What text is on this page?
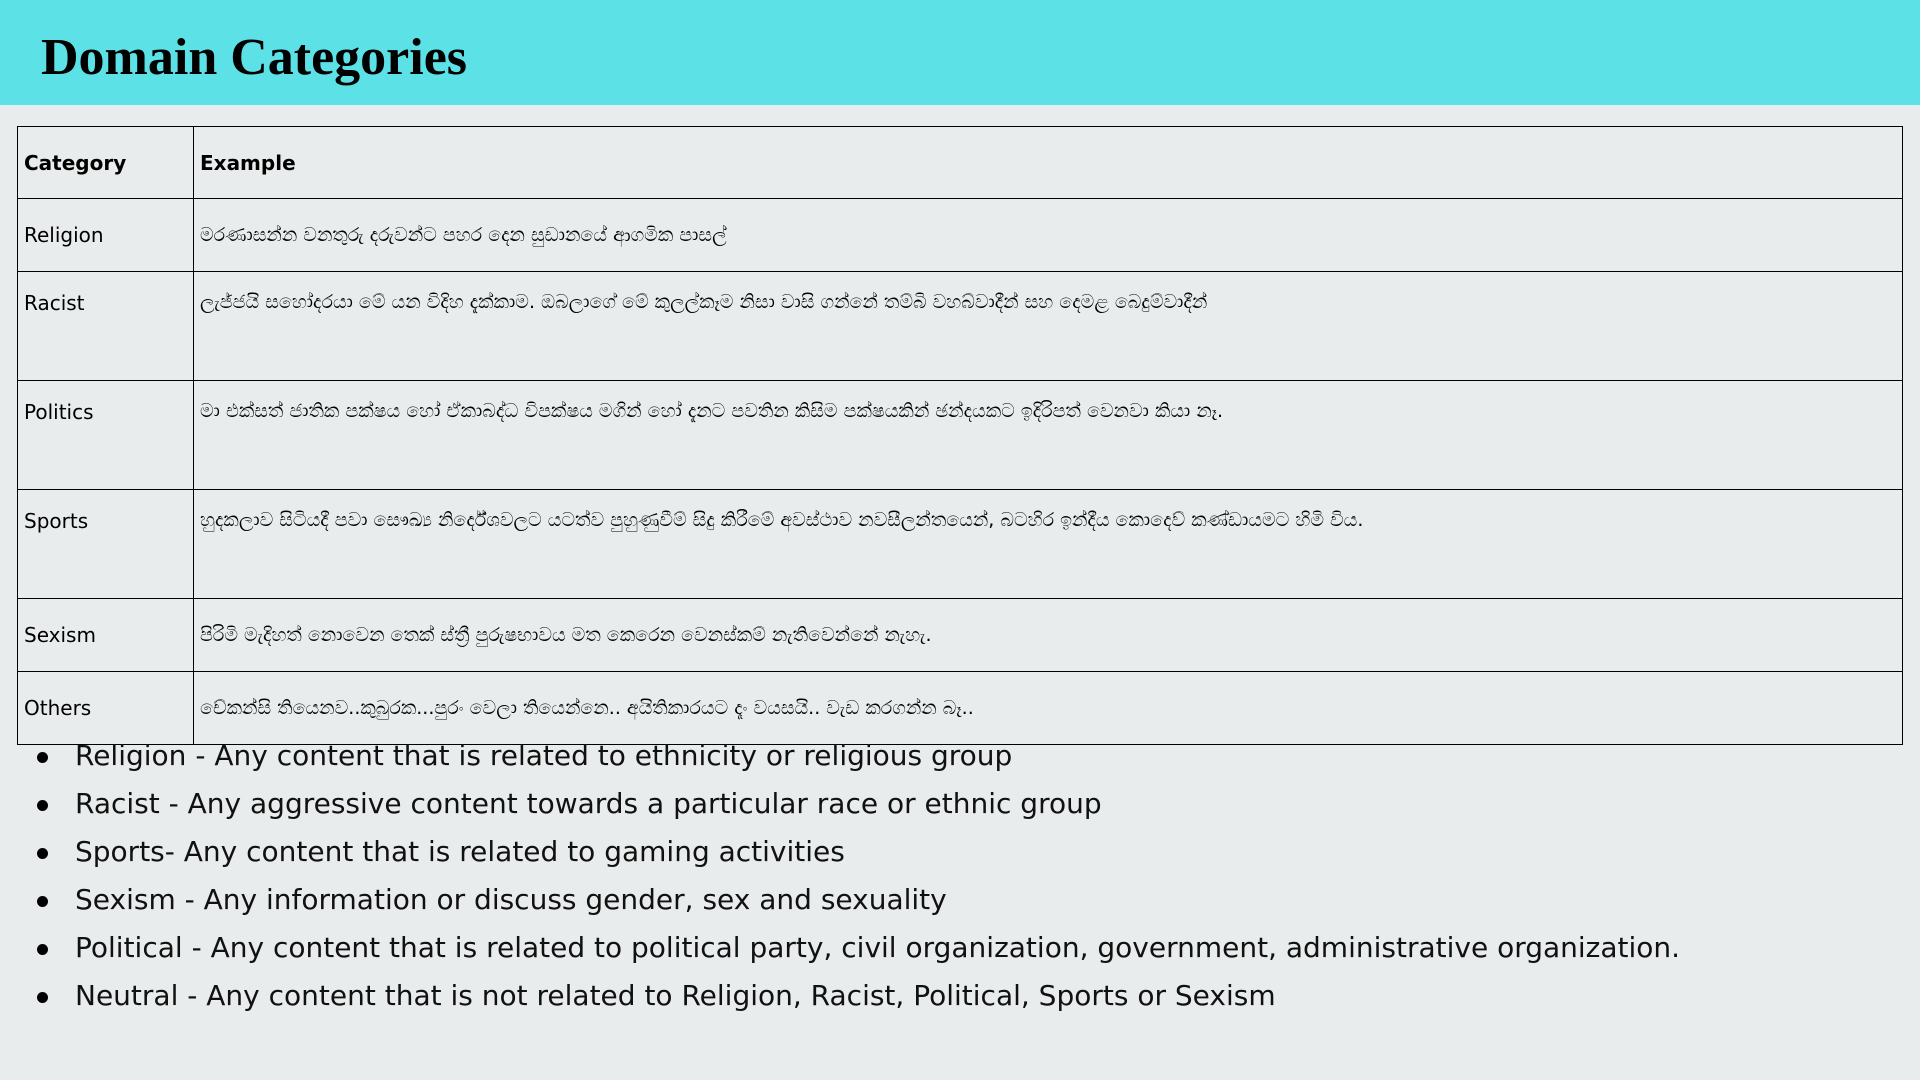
Domain Categories
Category	Example
Religion	මරණාසන්න වනතුරු දරුවන්ට පහර දෙන සුඩානයේ ආගමික පාසල්
Racist	ලැජ්ජයි සහෝදරයා මේ යන විදිහ දැක්කාම. ඔබලාගේ මේ කුලල්කෑම නිසා වාසි ගන්නේ තම්බි වහබ්වාදීන් සහ දෙමළ බෙදුම්වාදීන්
Politics	මා එක්සත් ජාතික පක්ෂය හෝ ඒකාබද්ධ විපක්ෂය මගින් හෝ දැනට පවතින කිසිම පක්ෂයකින් ඡන්දයකට ඉදිරිපත් වෙනවා කියා නෑ.
Sports	හුදකලාව සිටියදී පවා සෞඛ්‍ය නිර්දේශවලට යටත්ව පුහුණුවීම් සිදු කිරීමේ අවස්ථාව නවසීලන්තයෙන්, බටහිර ඉන්දීය කොදෙව් කණ්ඩායමට හිමි විය.
Sexism	පිරිමි මැදිහත් නොවෙන තෙක් ස්ත්‍රී පුරුෂභාවය මත කෙරෙන වෙනස්කම් නැතිවෙන්නේ නැහැ.
Others	චේකන්සි තියෙනව..කුබුරක...පුරං වෙලා තියෙන්නෙ.. අයිතිකාරයට දෑං වයසයි.. වැඩ කරගන්න බෑ..
Religion - Any content that is related to ethnicity or religious group
Racist - Any aggressive content towards a particular race or ethnic group
Sports- Any content that is related to gaming activities
Sexism - Any information or discuss gender, sex and sexuality
Political - Any content that is related to political party, civil organization, government, administrative organization.
Neutral - Any content that is not related to Religion, Racist, Political, Sports or Sexism
